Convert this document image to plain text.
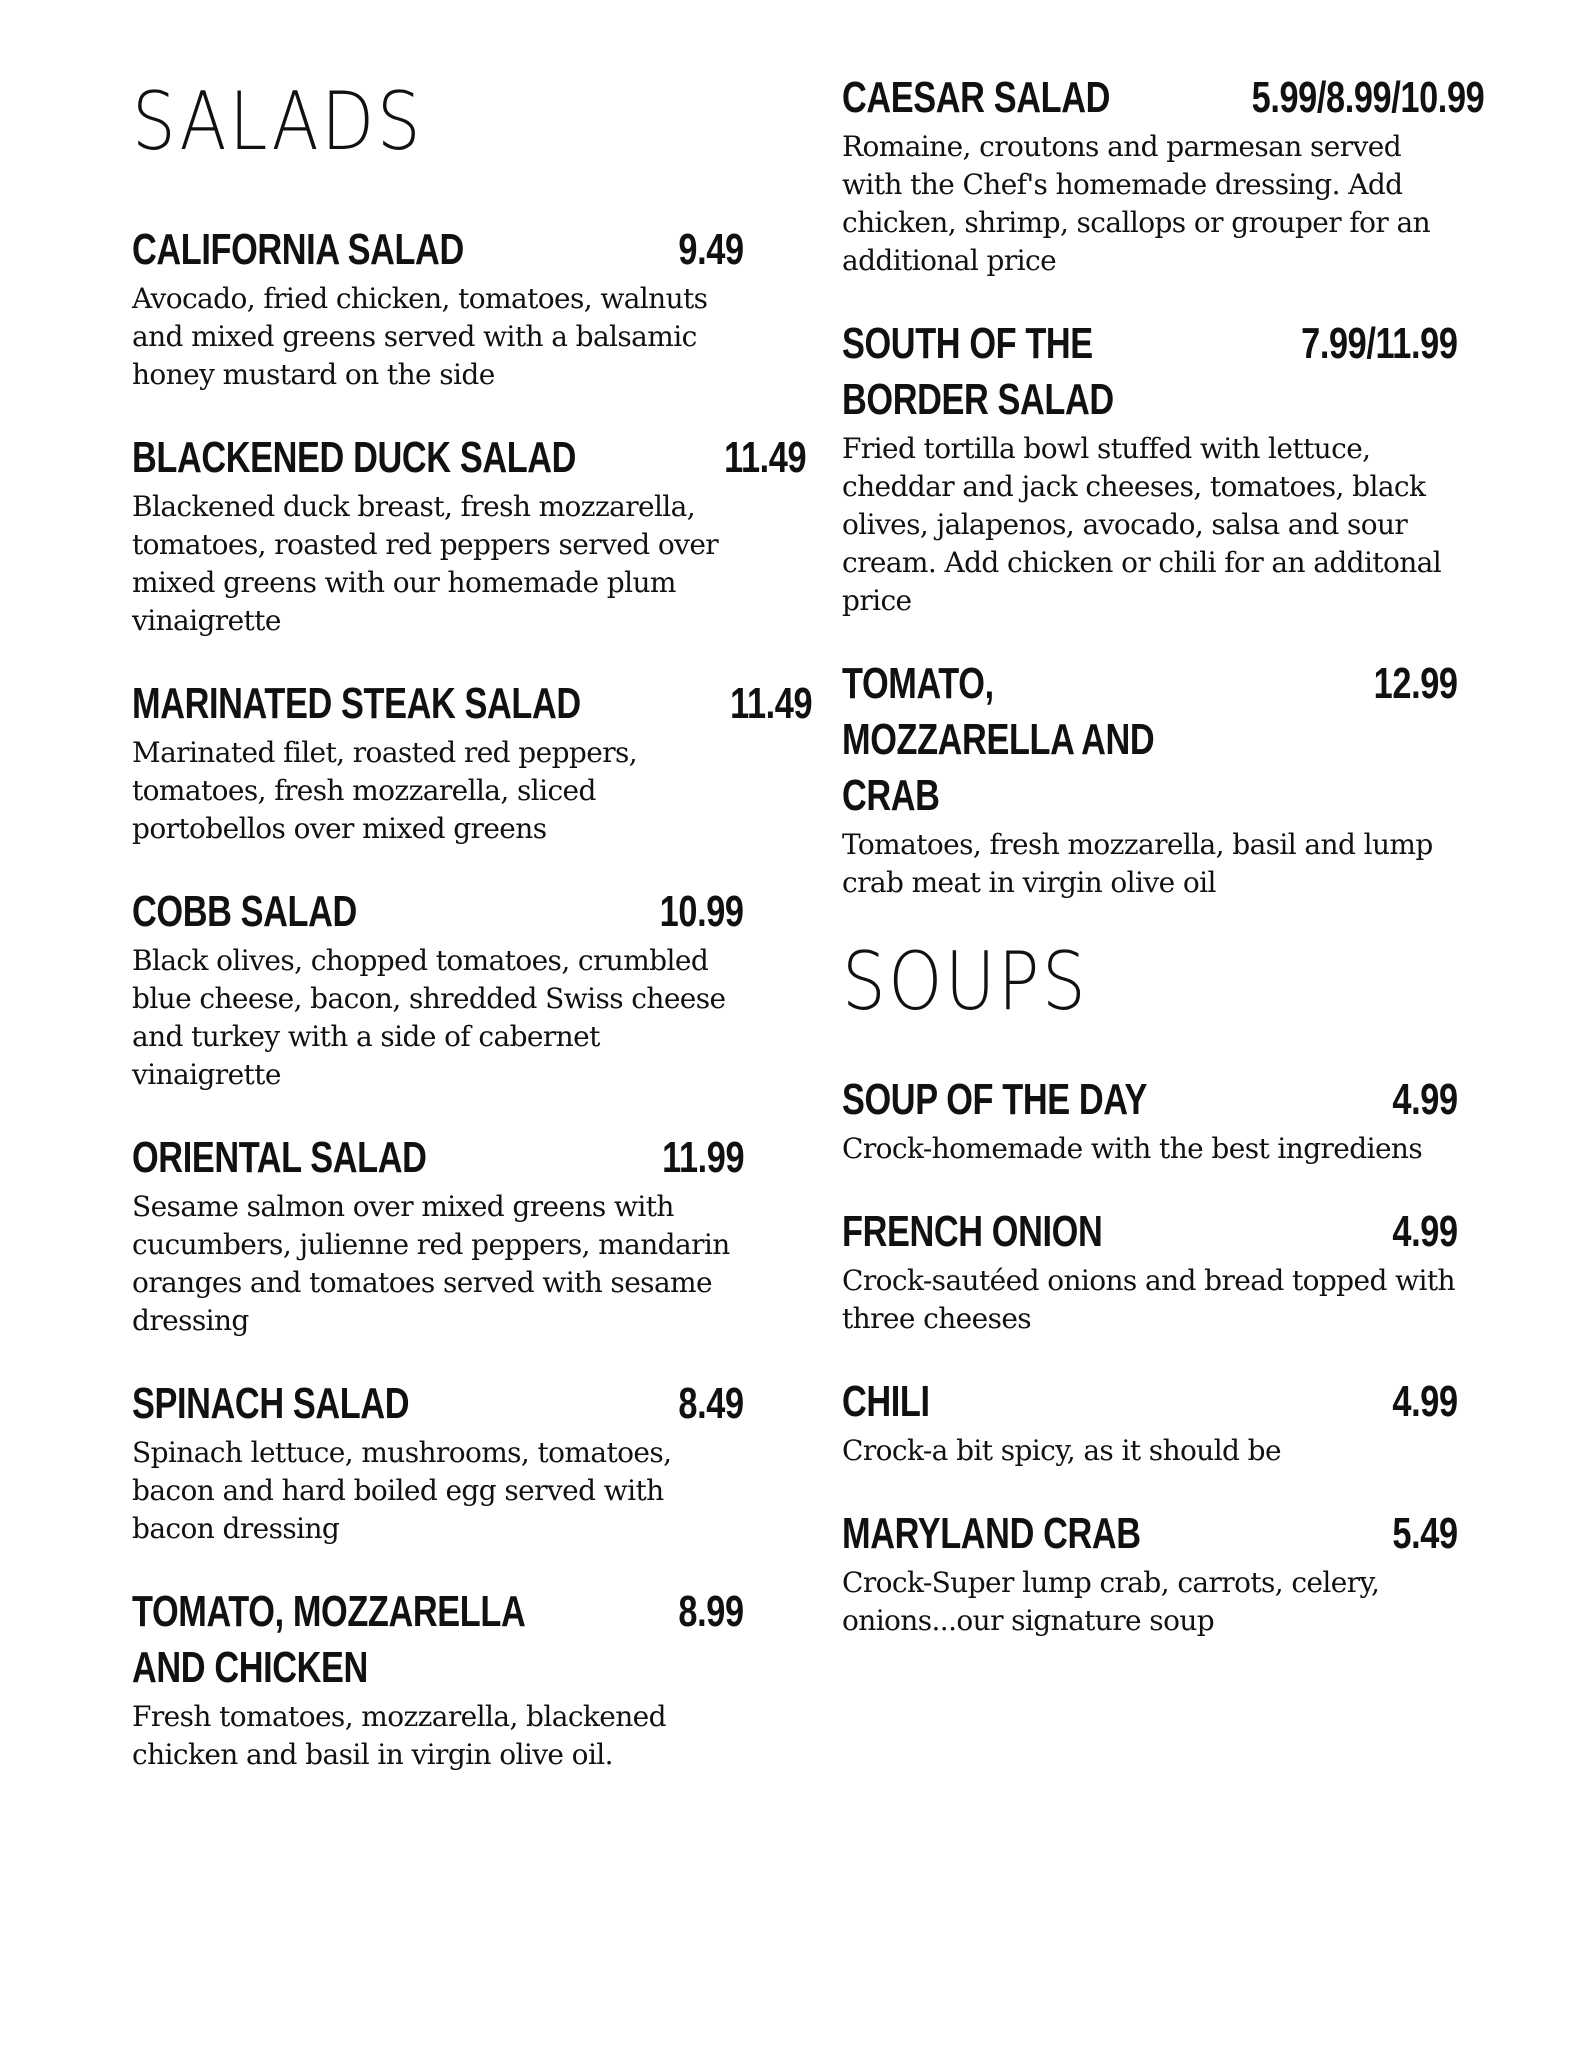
SALADS
CALIFORNIA SALAD	9.49
Avocado, fried chicken, tomatoes, walnuts and mixed greens served with a balsamic honey mustard on the side
BLACKENED DUCK SALAD	11.49
Blackened duck breast, fresh mozzarella, tomatoes, roasted red peppers served over mixed greens with our homemade plum vinaigrette
MARINATED STEAK SALAD	11.49
Marinated filet, roasted red peppers, tomatoes, fresh mozzarella, sliced portobellos over mixed greens
COBB SALAD	10.99
Black olives, chopped tomatoes, crumbled blue cheese, bacon, shredded Swiss cheese and turkey with a side of cabernet vinaigrette
ORIENTAL SALAD	11.99
Sesame salmon over mixed greens with cucumbers, julienne red peppers, mandarin oranges and tomatoes served with sesame dressing
SPINACH SALAD	8.49
Spinach lettuce, mushrooms, tomatoes, bacon and hard boiled egg served with bacon dressing
TOMATO, MOZZARELLA AND CHICKEN
8.99
Fresh tomatoes, mozzarella, blackened chicken and basil in virgin olive oil.
CAESAR SALAD	5.99/8.99/10.99
Romaine, croutons and parmesan served with the Chef's homemade dressing. Add chicken, shrimp, scallops or grouper for an additional price
SOUTH OF THE BORDER SALAD
7.99/11.99
Fried tortilla bowl stuffed with lettuce, cheddar and jack cheeses, tomatoes, black olives, jalapenos, avocado, salsa and sour cream. Add chicken or chili for an additonal price
TOMATO, MOZZARELLA AND CRAB
12.99
Tomatoes, fresh mozzarella, basil and lump crab meat in virgin olive oil
SOUPS
SOUP OF THE DAY	4.99
Crock-homemade with the best ingrediens
FRENCH ONION	4.99
Crock-sautéed onions and bread topped with three cheeses
CHILI	4.99
Crock-a bit spicy, as it should be
MARYLAND CRAB	5.49
Crock-Super lump crab, carrots, celery, onions...our signature soup
